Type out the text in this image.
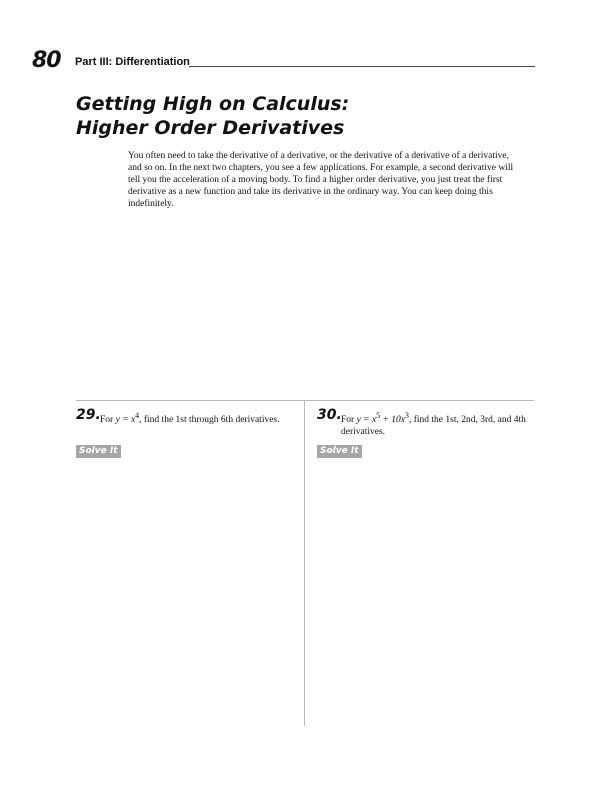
80 Part III: Differentiation
Getting High on Calculus:
Higher Order Derivatives

You often need to take the derivative of a derivative, or the derivative of a derivative of a derivative, and so on. In the next two chapters, you see a few applications. For example, a second derivative will tell you the acceleration of a moving body. To find a higher order derivative, you just treat the first derivative as a new function and take its derivative in the ordinary way. You can keep doing this indefinitely.

29. For $y = x^4$, find the 1st through 6th derivatives.

Solve It
30. For $y = x^5 + 10x^3$, find the 1st, 2nd, 3rd, and 4th derivatives.

Solve It
